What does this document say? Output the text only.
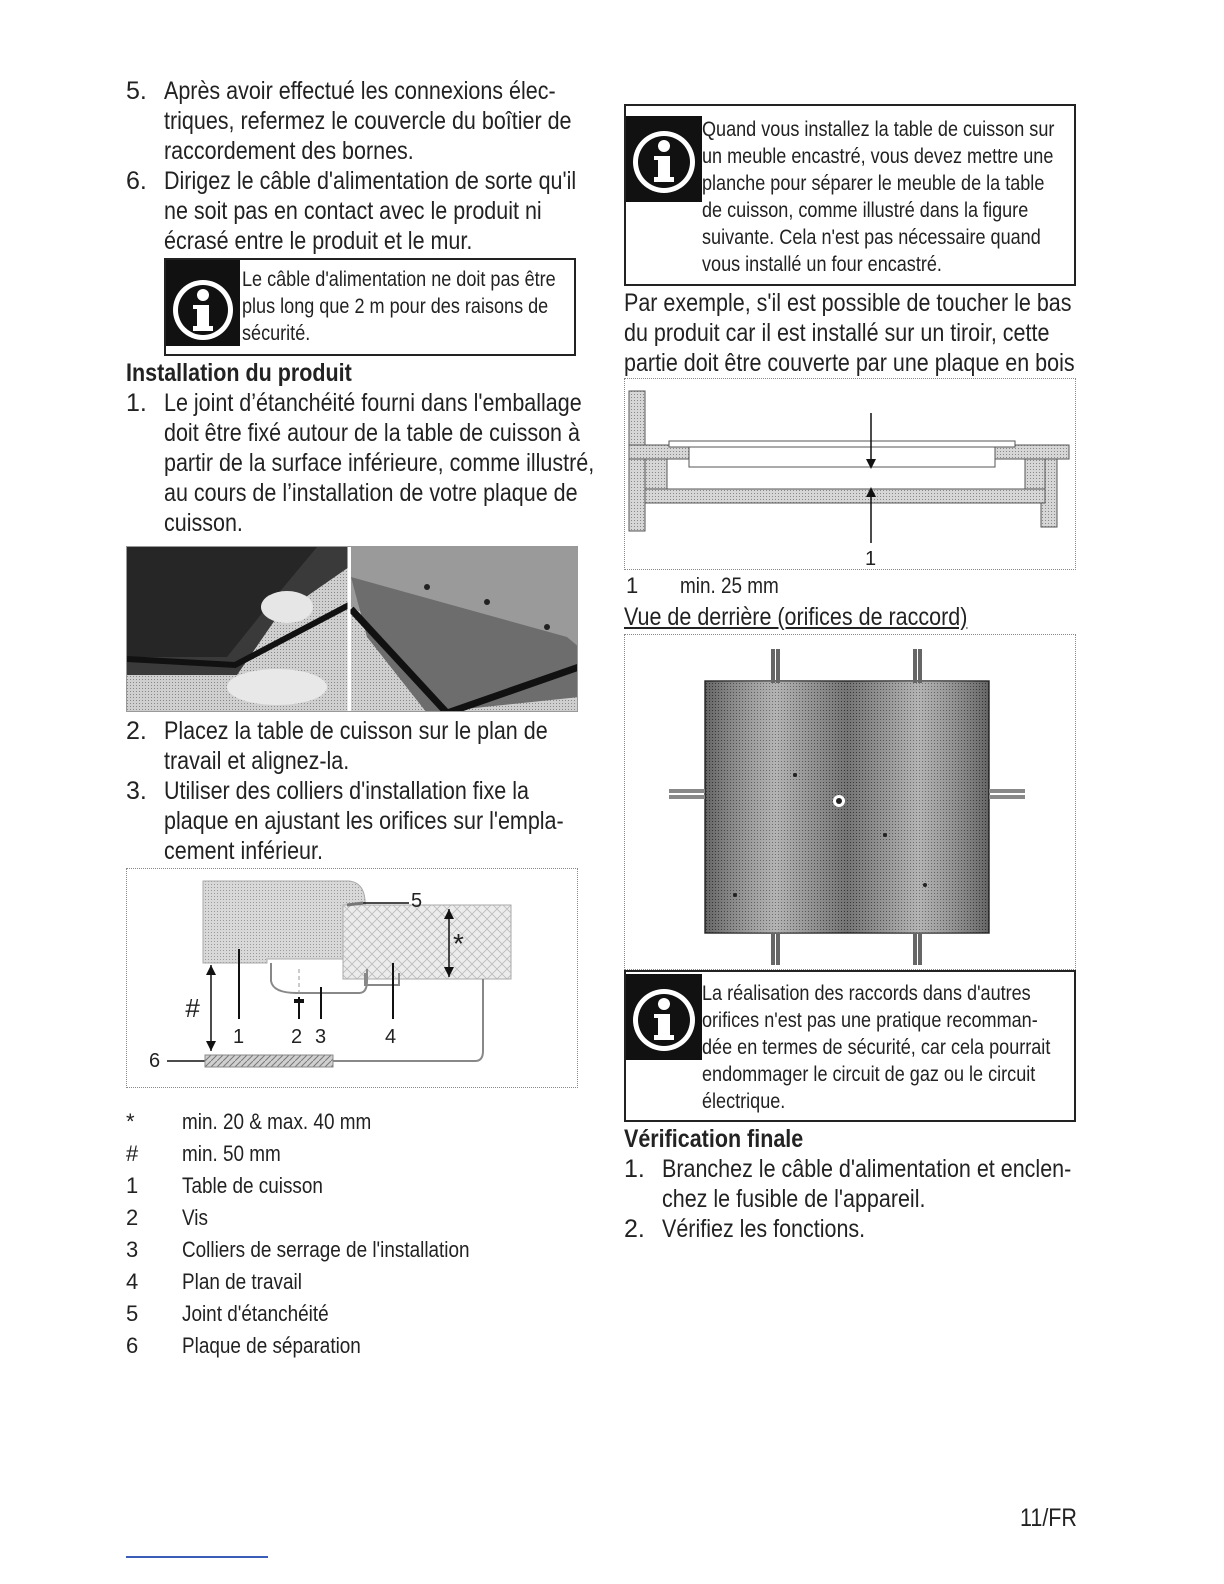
5. Après avoir effectué les connexions élec-
triques, refermez le couvercle du boîtier de
raccordement des bornes.
6. Dirigez le câble d'alimentation de sorte qu'il
ne soit pas en contact avec le produit ni
écrasé entre le produit et le mur.
Le câble d'alimentation ne doit pas être
plus long que 2 m pour des raisons de
sécurité.
Installation du produit
1. Le joint d’étanchéité fourni dans l'emballage
doit être fixé autour de la table de cuisson à
partir de la surface inférieure, comme illustré,
au cours de l’installation de votre plaque de
cuisson.
2. Placez la table de cuisson sur le plan de
travail et alignez-la.
3. Utiliser des colliers d'installation fixe la
plaque en ajustant les orifices sur l'empla-
cement inférieur.
5
*
#
1 2 3	4
6
* min. 20 & max. 40 mm
# min. 50 mm
1 Table de cuisson
2 Vis
3 Colliers de serrage de l'installation
4 Plan de travail
5 Joint d'étanchéité
6 Plaque de séparation
Quand vous installez la table de cuisson sur
un meuble encastré, vous devez mettre une
planche pour séparer le meuble de la table
de cuisson, comme illustré dans la figure
suivante. Cela n'est pas nécessaire quand
vous installé un four encastré.
Par exemple, s'il est possible de toucher le bas
du produit car il est installé sur un tiroir, cette
partie doit être couverte par une plaque en bois
1
1 min. 25 mm
Vue de derrière (orifices de raccord)
La réalisation des raccords dans d'autres
orifices n'est pas une pratique recomman-
dée en termes de sécurité, car cela pourrait
endommager le circuit de gaz ou le circuit
électrique.
Vérification finale
1. Branchez le câble d'alimentation et enclen-
chez le fusible de l'appareil.
2. Vérifiez les fonctions.
11/FR
